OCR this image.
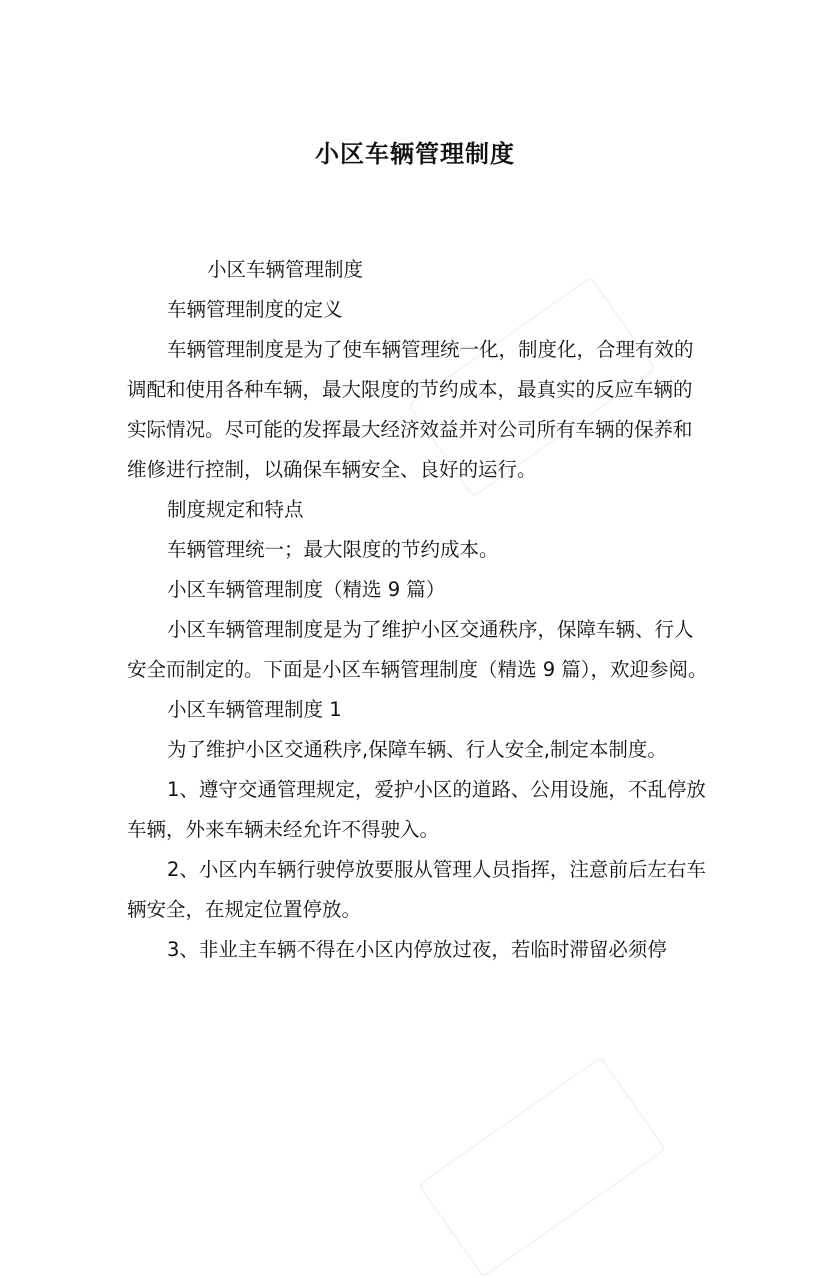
小区车辆管理制度

小区车辆管理制度

车辆管理制度的定义

车辆管理制度是为了使车辆管理统一化，制度化，合理有效的调配和使用各种车辆，最大限度的节约成本，最真实的反应车辆的实际情况。尽可能的发挥最大经济效益并对公司所有车辆的保养和维修进行控制，以确保车辆安全、良好的运行。

制度规定和特点

车辆管理统一；最大限度的节约成本。

小区车辆管理制度（精选 9 篇）

小区车辆管理制度是为了维护小区交通秩序，保障车辆、行人安全而制定的。下面是小区车辆管理制度（精选 9 篇），欢迎参阅。

小区车辆管理制度 1

为了维护小区交通秩序,保障车辆、行人安全,制定本制度。

1、遵守交通管理规定，爱护小区的道路、公用设施，不乱停放车辆，外来车辆未经允许不得驶入。

2、小区内车辆行驶停放要服从管理人员指挥，注意前后左右车辆安全，在规定位置停放。

3、非业主车辆不得在小区内停放过夜，若临时滞留必须停
